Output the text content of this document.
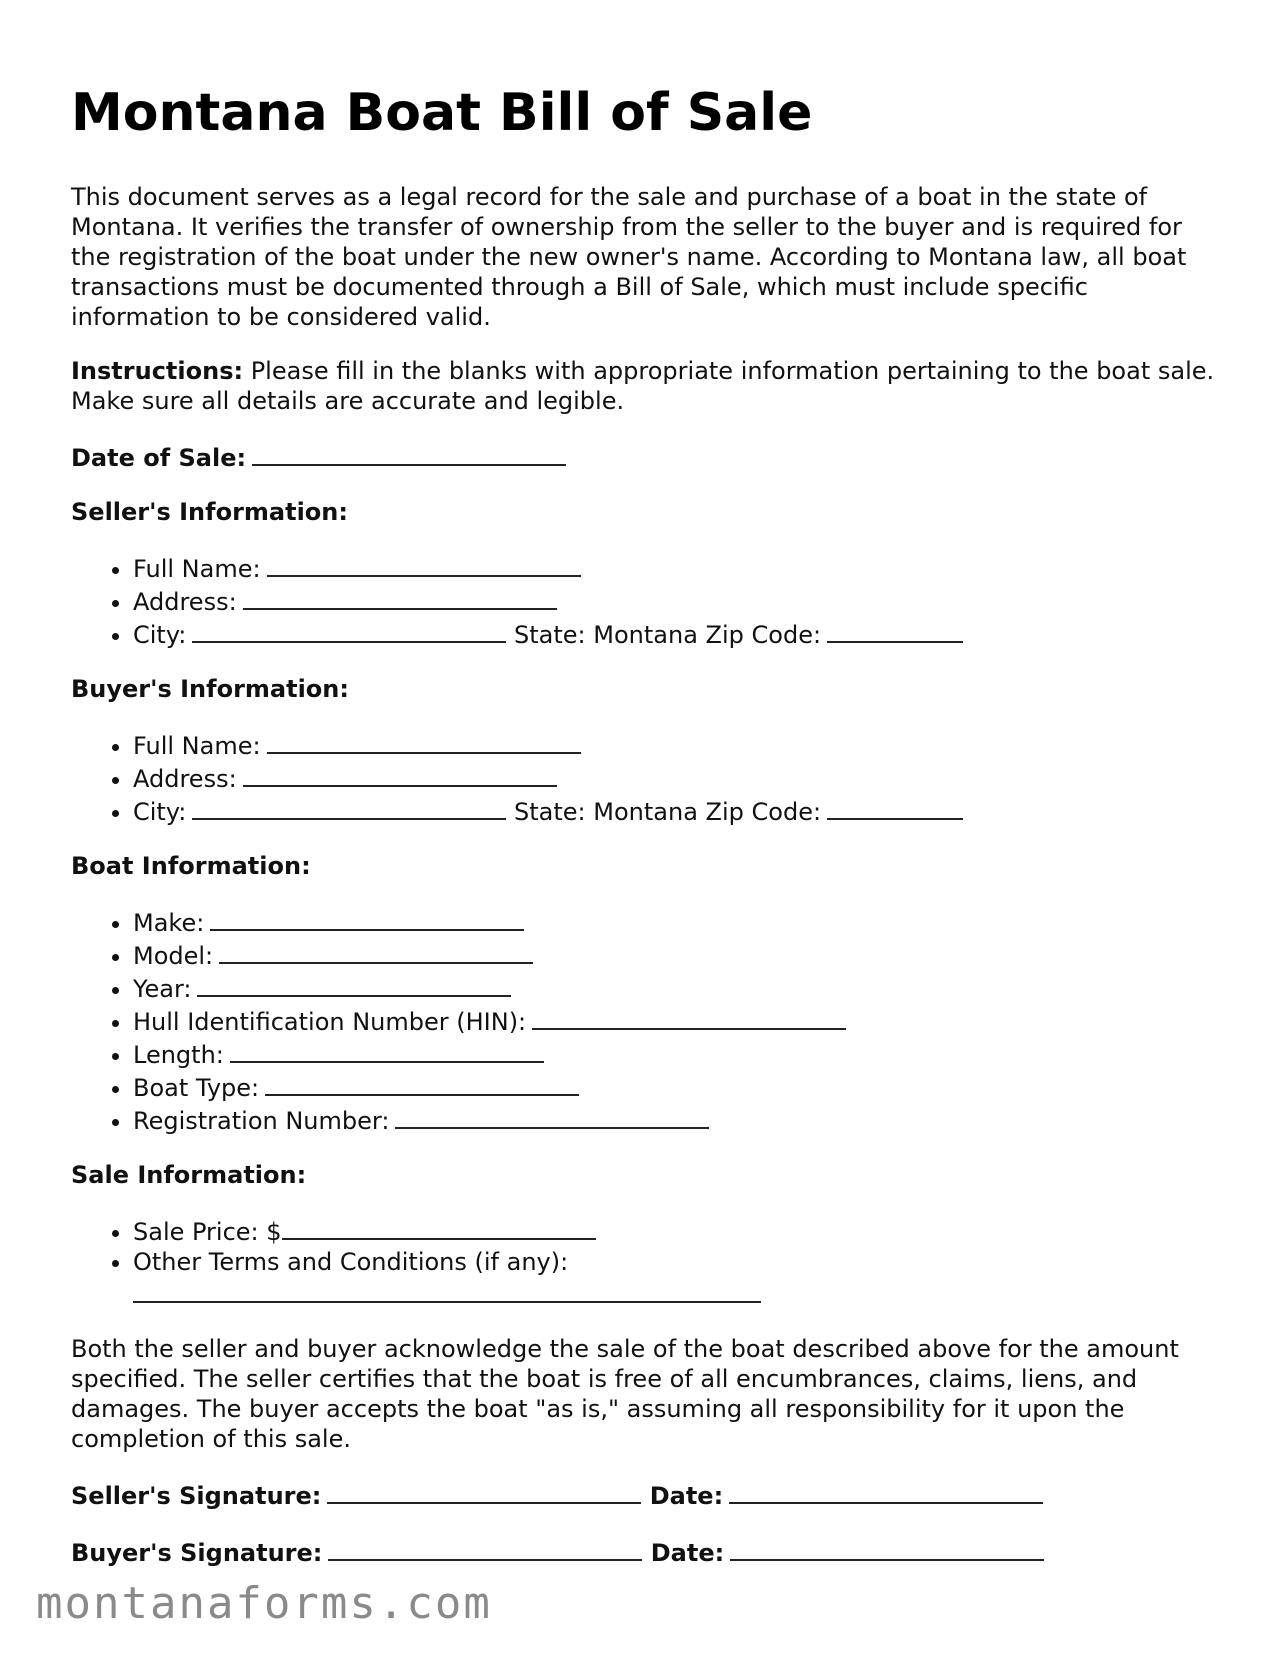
Montana Boat Bill of Sale

This document serves as a legal record for the sale and purchase of a boat in the state of Montana. It verifies the transfer of ownership from the seller to the buyer and is required for the registration of the boat under the new owner's name. According to Montana law, all boat transactions must be documented through a Bill of Sale, which must include specific information to be considered valid.

Instructions: Please fill in the blanks with appropriate information pertaining to the boat sale. Make sure all details are accurate and legible.

Date of Sale:
Seller's Information:
• Full Name:
• Address:
• City:	State: Montana Zip Code:
Buyer's Information:
• Full Name:
• Address:
• City:	State: Montana Zip Code:
Boat Information:
• Make:
• Model:
• Year:
• Hull Identification Number (HIN):
• Length:
• Boat Type:
• Registration Number:
Sale Information:
• Sale Price: $
• Other Terms and Conditions (if any):

Both the seller and buyer acknowledge the sale of the boat described above for the amount specified. The seller certifies that the boat is free of all encumbrances, claims, liens, and damages. The buyer accepts the boat "as is," assuming all responsibility for it upon the completion of this sale.

Seller's Signature:	Date:
Buyer's Signature:	Date:
montanaforms.com
